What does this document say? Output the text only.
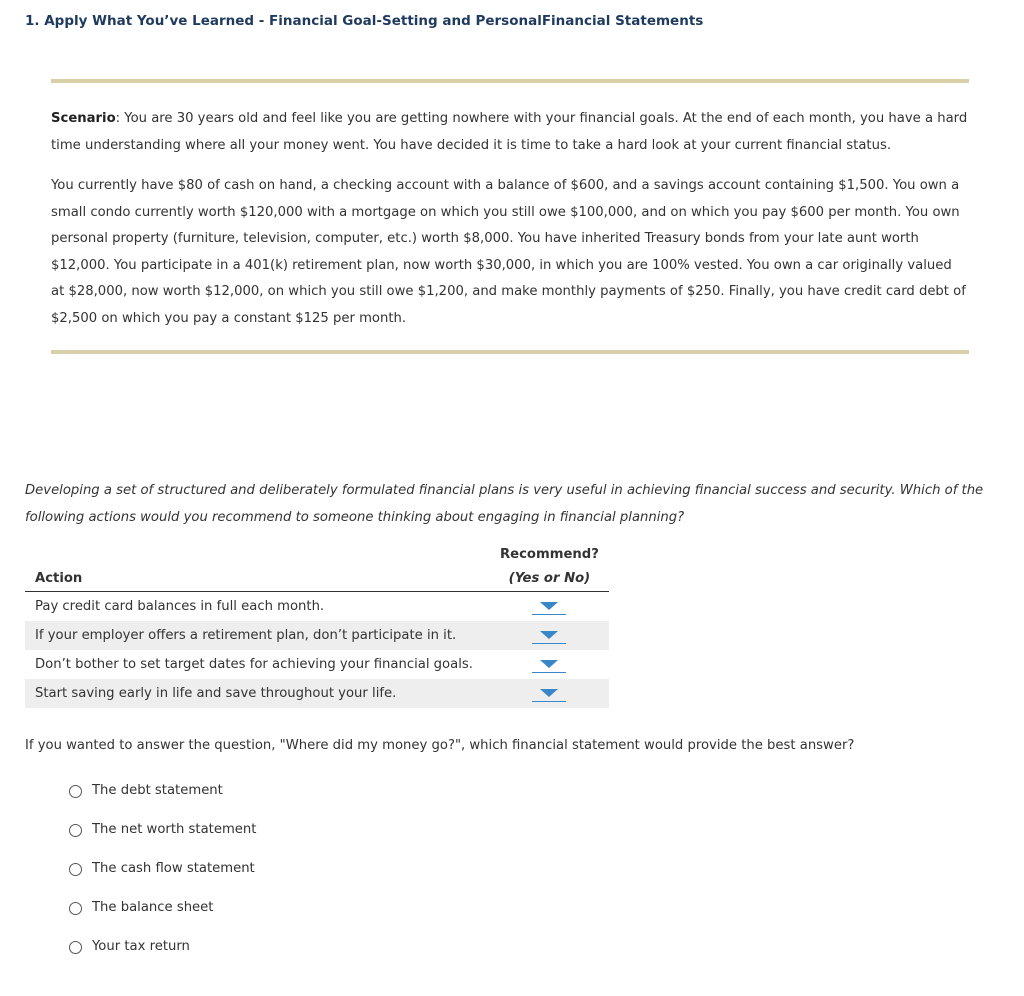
1. Apply What You’ve Learned - Financial Goal-Setting and PersonalFinancial Statements

Scenario: You are 30 years old and feel like you are getting nowhere with your financial goals. At the end of each month, you have a hard time understanding where all your money went. You have decided it is time to take a hard look at your current financial status.

You currently have $80 of cash on hand, a checking account with a balance of $600, and a savings account containing $1,500. You own a small condo currently worth $120,000 with a mortgage on which you still owe $100,000, and on which you pay $600 per month. You own personal property (furniture, television, computer, etc.) worth $8,000. You have inherited Treasury bonds from your late aunt worth $12,000. You participate in a 401(k) retirement plan, now worth $30,000, in which you are 100% vested. You own a car originally valued at $28,000, now worth $12,000, on which you still owe $1,200, and make monthly payments of $250. Finally, you have credit card debt of $2,500 on which you pay a constant $125 per month.

Developing a set of structured and deliberately formulated financial plans is very useful in achieving financial success and security. Which of the following actions would you recommend to someone thinking about engaging in financial planning?
Action	Recommend?
(Yes or No)

Pay credit card balances in full each month.	

If your employer offers a retirement plan, don’t participate in it.	

Don’t bother to set target dates for achieving your financial goals.	

Start saving early in life and save throughout your life.	
If you wanted to answer the question, "Where did my money go?", which financial statement would provide the best answer?
The debt statement
The net worth statement
The cash flow statement
The balance sheet
Your tax return
